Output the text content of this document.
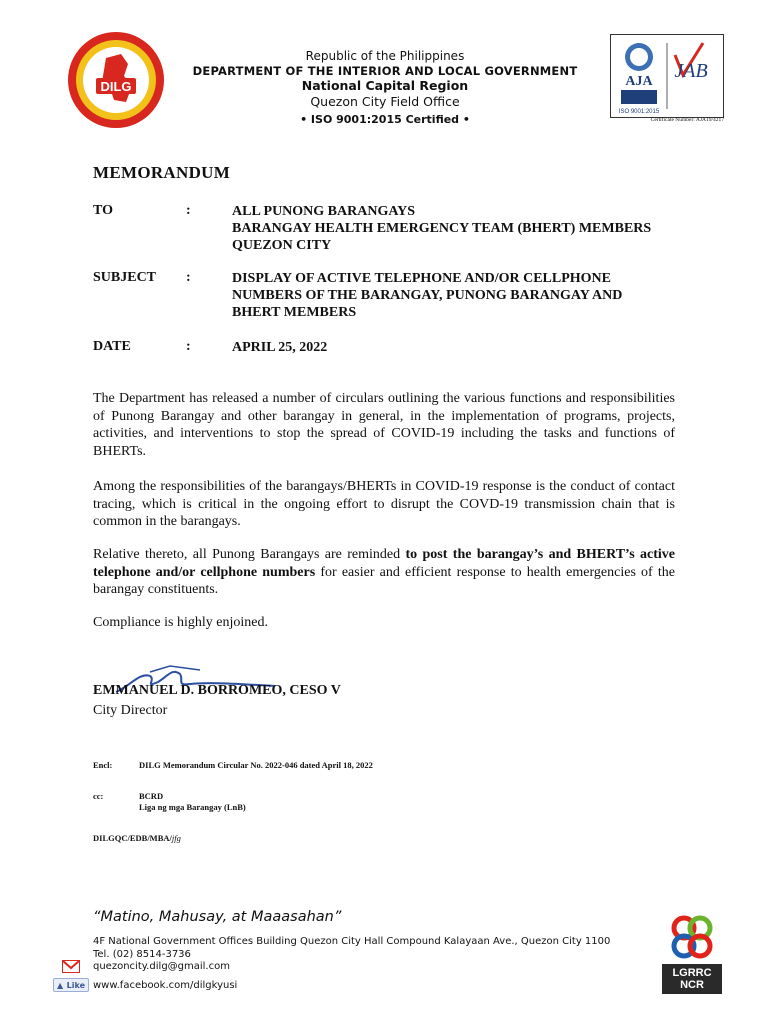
DILG
Republic of the Philippines
DEPARTMENT OF THE INTERIOR AND LOCAL GOVERNMENT
National Capital Region
Quezon City Field Office
• ISO 9001:2015 Certified •
AJA
ISO 9001:2015
JAB
Certificate Number: AJA19/4217
MEMORANDUM
TO	:	ALL PUNONG BARANGAYS
BARANGAY HEALTH EMERGENCY TEAM (BHERT) MEMBERS
QUEZON CITY
SUBJECT :	DISPLAY OF ACTIVE TELEPHONE AND/OR CELLPHONE
NUMBERS OF THE BARANGAY, PUNONG BARANGAY AND
BHERT MEMBERS
DATE	:	APRIL 25, 2022
The Department has released a number of circulars outlining the various functions and responsibilities of Punong Barangay and other barangay in general, in the implementation of programs, projects, activities, and interventions to stop the spread of COVID-19 including the tasks and functions of BHERTs.
Among the responsibilities of the barangays/BHERTs in COVID-19 response is the conduct of contact tracing, which is critical in the ongoing effort to disrupt the COVD-19 transmission chain that is common in the barangays.
Relative thereto, all Punong Barangays are reminded to post the barangay’s and BHERT’s active telephone and/or cellphone numbers for easier and efficient response to health emergencies of the barangay constituents.
Compliance is highly enjoined.
EMMANUEL D. BORROMEO, CESO V
City Director
Encl:	DILG Memorandum Circular No. 2022-046 dated April 18, 2022
cc:	BCRD
Liga ng mga Barangay (LnB)
DILGQC/EDB/MBA/jfg
“Matino, Mahusay, at Maaasahan”
4F National Government Offices Building Quezon City Hall Compound Kalayaan Ave., Quezon City 1100
Tel. (02) 8514-3736
quezoncity.dilg@gmail.com
▲ Like www.facebook.com/dilgkyusi
LGRRC
NCR
